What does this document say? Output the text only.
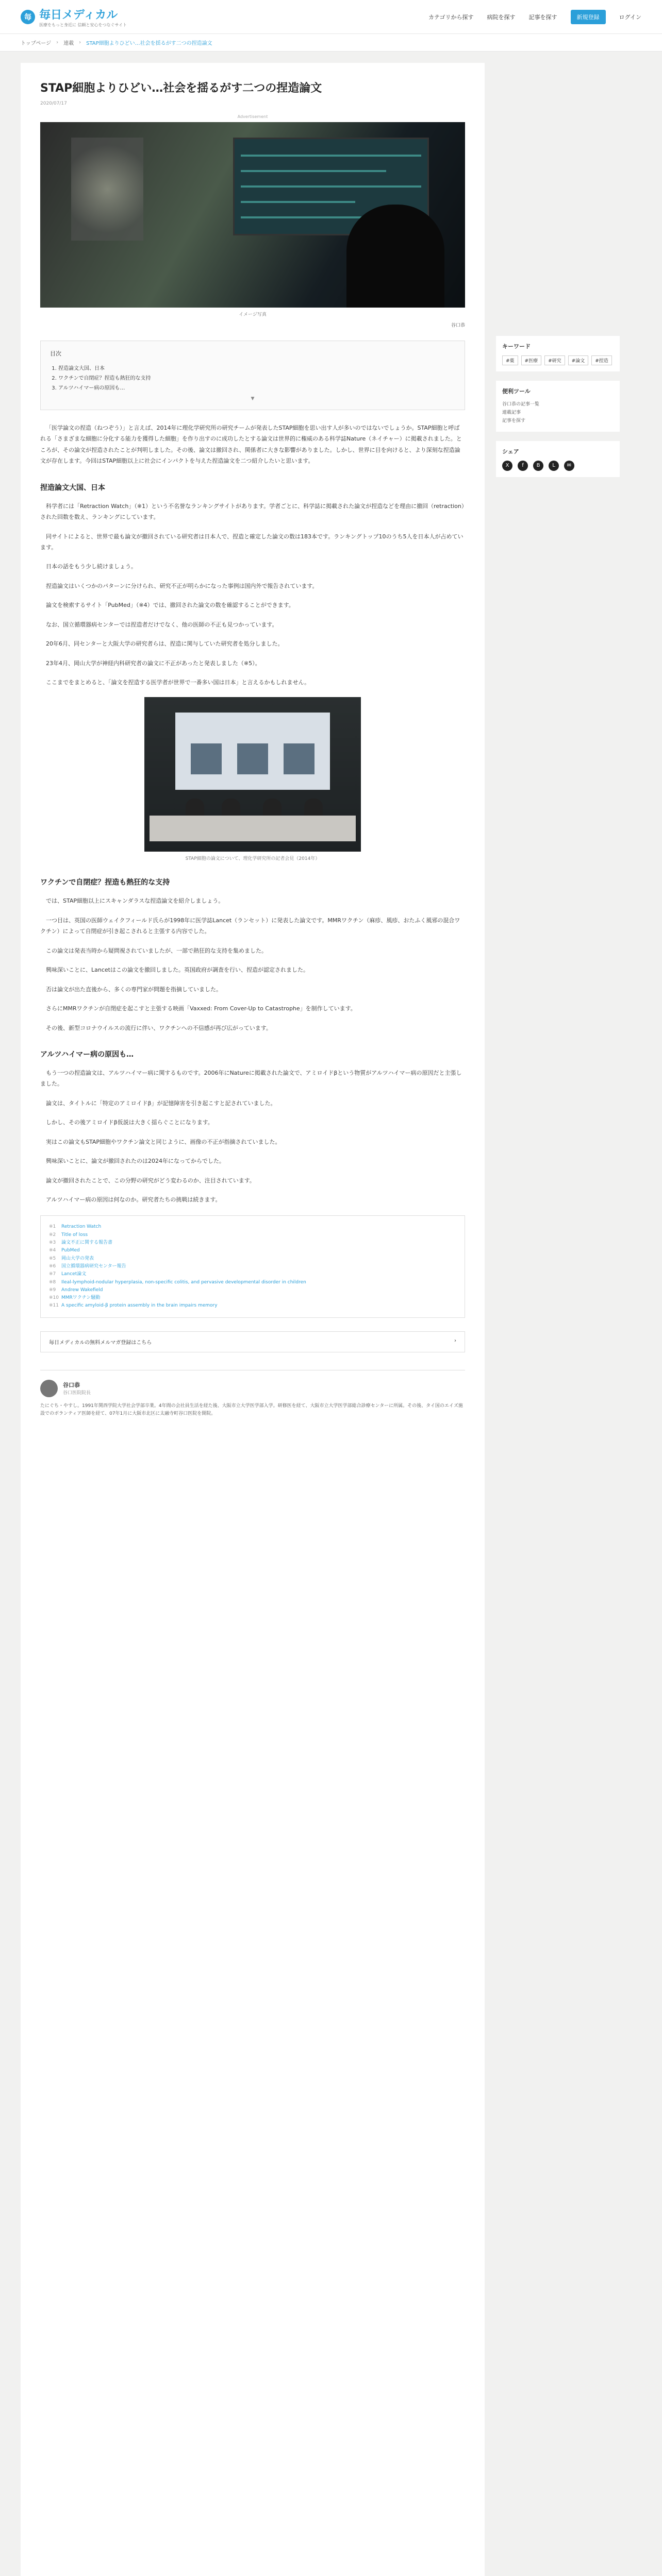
毎 毎日メディカル
医療をもっと身近に 信頼と安心をつなぐサイト
カテゴリから探す 病院を探す 記事を探す	新規登録	ログイン
トップページ › 連載 › STAP細胞よりひどい…社会を揺るがす二つの捏造論文
STAP細胞よりひどい…社会を揺るがす二つの捏造論文
2020/07/17
Advertisement
イメージ写真
谷口恭
目次
1. 捏造論文大国、日本
2. ワクチンで自閉症？捏造も熱狂的な支持
3. アルツハイマー病の原因も…
▼

「医学論文の捏造（ねつぞう）」と言えば、2014年に理化学研究所の研究チームが発表したSTAP細胞を思い出す人が多いのではないでしょうか。STAP細胞と呼ばれる「さまざまな細胞に分化する能力を獲得した細胞」を作り出すのに成功したとする論文は世界的に権威のある科学誌Nature（ネイチャー）に掲載されました。ところが、その論文が捏造されたことが判明しました。その後、論文は撤回され、関係者に大きな影響がありました。しかし、世界に目を向けると、より深刻な捏造論文が存在します。今回はSTAP細胞以上に社会にインパクトを与えた捏造論文を二つ紹介したいと思います。

捏造論文大国、日本

科学者には「Retraction Watch」（※1）という不名誉なランキングサイトがあります。学者ごとに、科学誌に掲載された論文が捏造などを理由に撤回（retraction）された回数を数え、ランキングにしています。

同サイトによると、世界で最も論文が撤回されている研究者は日本人で、捏造と確定した論文の数は183本です。ランキングトップ10のうち5人を日本人が占めています。

日本の話をもう少し続けましょう。

捏造論文はいくつかのパターンに分けられ、研究不正が明らかになった事例は国内外で報告されています。

論文を検索するサイト「PubMed」（※4）では、撤回された論文の数を確認することができます。

なお、国立循環器病センターでは捏造者だけでなく、他の医師の不正も見つかっています。

20年6月、同センターと大阪大学の研究者らは、捏造に関与していた研究者を処分しました。

23年4月、岡山大学が神経内科研究者の論文に不正があったと発表しました（※5）。

ここまでをまとめると、「論文を捏造する医学者が世界で一番多い国は日本」と言えるかもしれません。

STAP細胞の論文について、理化学研究所の記者会見（2014年）
ワクチンで自閉症？捏造も熱狂的な支持

では、STAP細胞以上にスキャンダラスな捏造論文を紹介しましょう。

一つ目は、英国の医師ウェイクフィールド氏らが1998年に医学誌Lancet（ランセット）に発表した論文です。MMRワクチン（麻疹、風疹、おたふく風邪の混合ワクチン）によって自閉症が引き起こされると主張する内容でした。

この論文は発表当時から疑問視されていましたが、一部で熱狂的な支持を集めました。

興味深いことに、Lancetはこの論文を撤回しました。英国政府が調査を行い、捏造が認定されました。

否は論文が出た直後から、多くの専門家が問題を指摘していました。

さらにMMRワクチンが自閉症を起こすと主張する映画「Vaxxed: From Cover-Up to Catastrophe」を制作しています。

その後、新型コロナウイルスの流行に伴い、ワクチンへの不信感が再び広がっています。

アルツハイマー病の原因も…

もう一つの捏造論文は、アルツハイマー病に関するものです。2006年にNatureに掲載された論文で、アミロイドβという物質がアルツハイマー病の原因だと主張しました。

論文は、タイトルに「特定のアミロイドβ」が記憶障害を引き起こすと記されていました。

しかし、その後アミロイドβ仮説は大きく揺らぐことになります。

実はこの論文もSTAP細胞やワクチン論文と同じように、画像の不正が指摘されていました。

興味深いことに、論文が撤回されたのは2024年になってからでした。

論文が撤回されたことで、この分野の研究がどう変わるのか、注目されています。

アルツハイマー病の原因は何なのか。研究者たちの挑戦は続きます。

※1	Retraction Watch
※2	Title of loss
※3	論文不正に関する報告書
※4	PubMed
※5	岡山大学の発表
※6	国立循環器病研究センター報告
※7	Lancet論文
※8	Ileal-lymphoid-nodular hyperplasia, non-specific colitis, and pervasive developmental disorder in children
※9	Andrew Wakefield
※10 MMRワクチン騒動
※11 A specific amyloid-β protein assembly in the brain impairs memory
毎日メディカルの無料メルマガ登録はこちら	›
谷口恭
谷口医院院長
たにぐち・やすし。1991年関西学院大学社会学部卒業。4年間の会社員生活を経た後、大阪市立大学医学部入学。研修医を経て、大阪市立大学医学部総合診療センターに所属。その後、タイ国のエイズ施設でのボランティア医師を経て、07年1月に大阪市北区に太融寺町谷口医院を開院。
キーワード
#薬	#医療	#研究	#論文	#捏造
便利ツール
谷口恭の記事一覧
連載記事
記事を探す
シェア
X	f	B	L	✉
